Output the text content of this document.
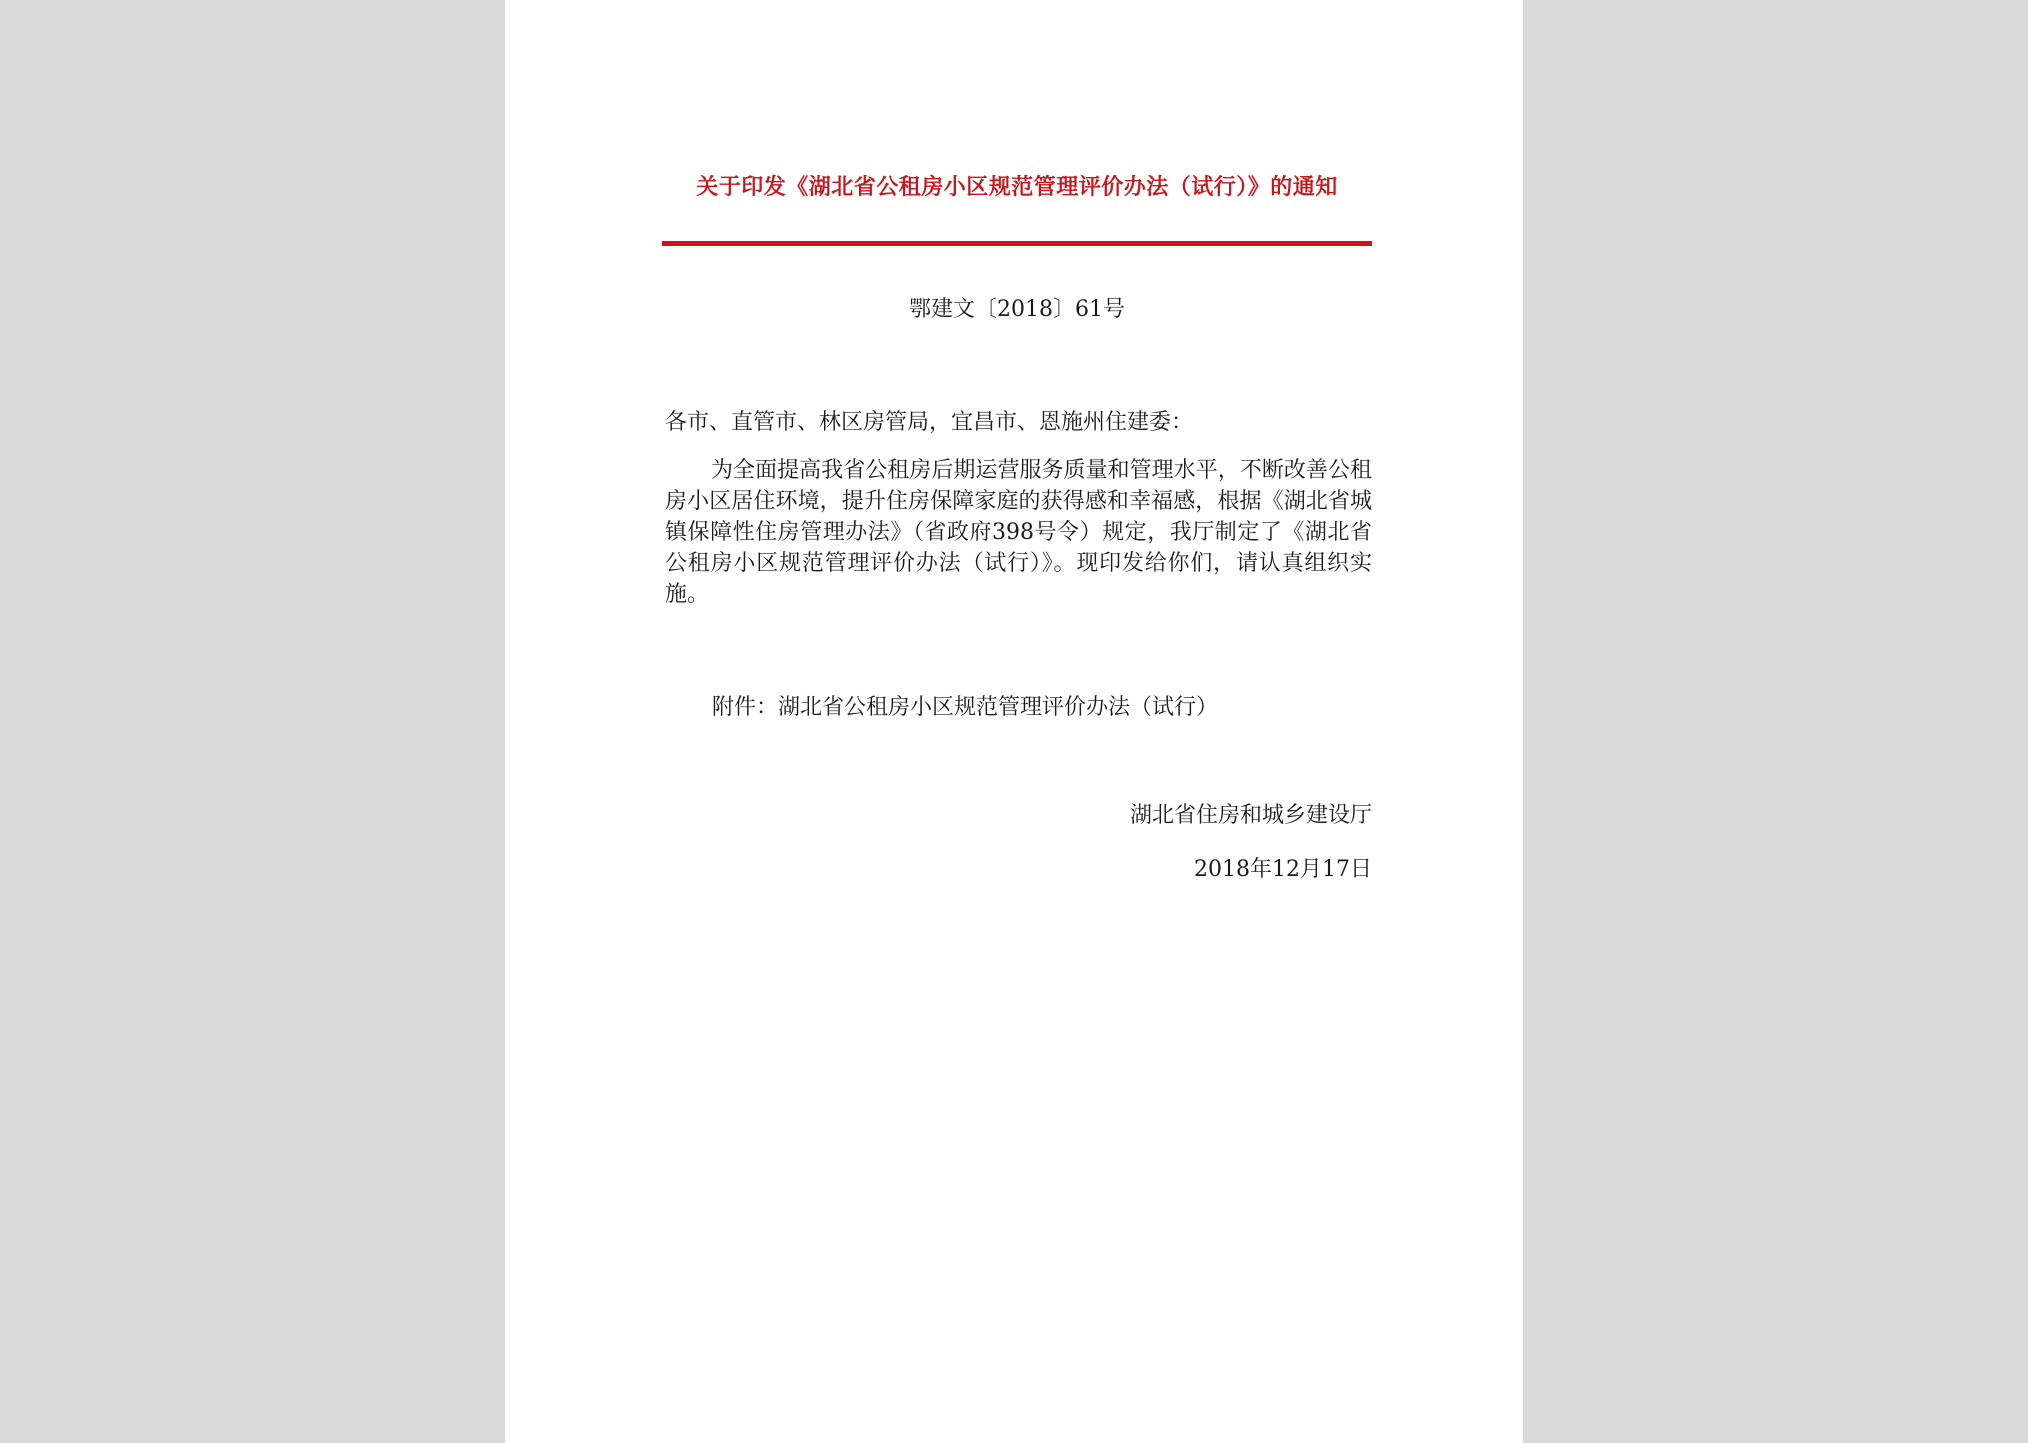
关于印发《湖北省公租房小区规范管理评价办法（试行）》的通知
鄂建文〔2018〕61号
各市、直管市、林区房管局，宜昌市、恩施州住建委：

为全面提高我省公租房后期运营服务质量和管理水平，不断改善公租房小区居住环境，提升住房保障家庭的获得感和幸福感，根据《湖北省城镇保障性住房管理办法》（省政府398号令）规定，我厅制定了《湖北省公租房小区规范管理评价办法（试行）》。现印发给你们，请认真组织实施。

附件：湖北省公租房小区规范管理评价办法（试行）
湖北省住房和城乡建设厅
2018年12月17日
